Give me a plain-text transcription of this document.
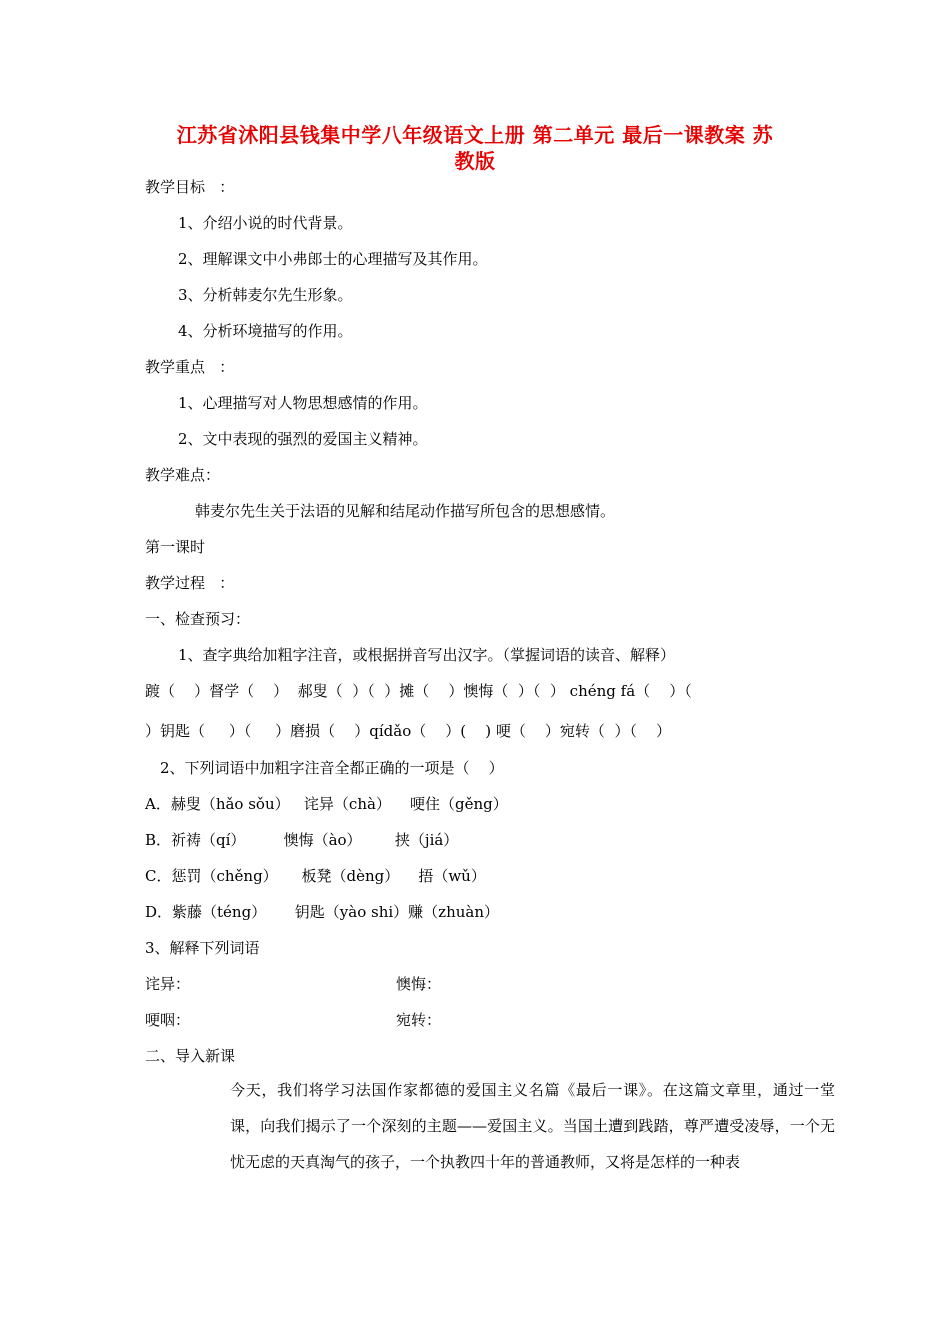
江苏省沭阳县钱集中学八年级语文上册 第二单元 最后一课教案 苏
教版
教学目标   ：
1、介绍小说的时代背景。
2、理解课文中小弗郎士的心理描写及其作用。
3、分析韩麦尔先生形象。
4、分析环境描写的作用。
教学重点   ：
1、心理描写对人物思想感情的作用。
2、文中表现的强烈的爱国主义精神。
教学难点：
韩麦尔先生关于法语的见解和结尾动作描写所包含的思想感情。
第一课时
教学过程   ：
一、检查预习：
1、查字典给加粗字注音，或根据拼音写出汉字。（掌握词语的读音、解释）
踱（    ）督学（    ）  郝叟（  ）（  ）摊（    ）懊悔（  ）（  ） chéng fá（    ）（
）钥匙（     ）（     ）磨损（    ）qídǎo（    ）(    ) 哽（    ）宛转（  ）（    ）
2、下列词语中加粗字注音全都正确的一项是（    ）
A．赫叟（hǎo sǒu）   诧异（chà）    哽住（gěng）
B．祈祷（qí）        懊悔（ào）       挟（jiá）
C．惩罚（chěng）     板凳（dèng）    捂（wǔ）
D．紫藤（téng）      钥匙（yào shi）赚（zhuàn）
3、解释下列词语
诧异：	懊悔：
哽咽：	宛转：
二、导入新课
今天，我们将学习法国作家都德的爱国主义名篇《最后一课》。在这篇文章里，通过一堂课，向我们揭示了一个深刻的主题——爱国主义。当国土遭到践踏，尊严遭受凌辱，一个无忧无虑的天真淘气的孩子，一个执教四十年的普通教师，又将是怎样的一种表
